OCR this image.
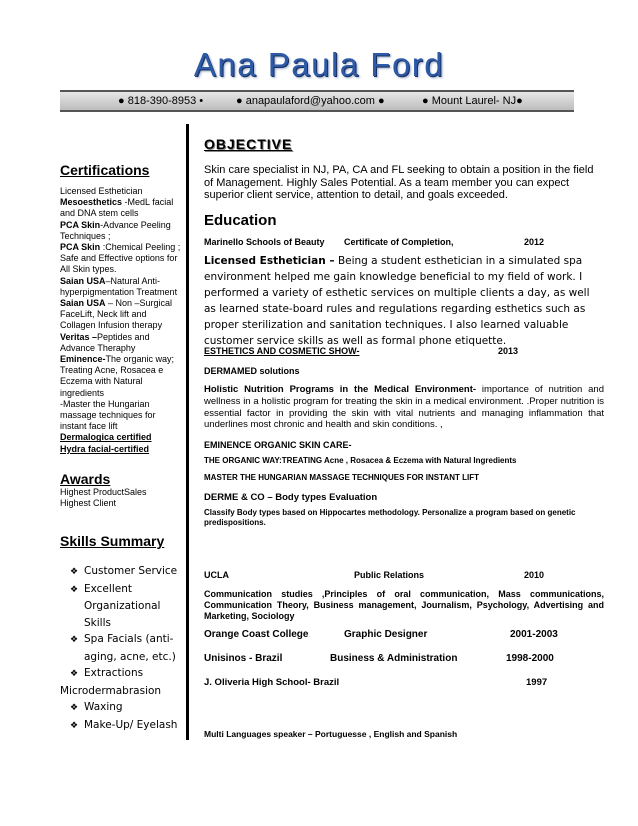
Ana Paula Ford
● 818-390-8953 •	● anapaulaford@yahoo.com ●	● Mount Laurel- NJ●
Certifications
Licensed Esthetician
Mesoesthetics -MedL facial and DNA stem cells
PCA Skin-Advance Peeling Techniques ;
PCA Skin :Chemical Peeling ; Safe and Effective options for All Skin types.
Saian USA–Natural Anti-hyperpigmentation Treatment
Saian USA – Non –Surgical FaceLift, Neck lift and Collagen Infusion therapy
Veritas –Peptides and Advance Theraphy
Eminence-The organic way; Treating Acne, Rosacea e Eczema with Natural ingredients
-Master the Hungarian massage techniques for instant face lift
Dermalogica certified
Hydra facial-certified
Awards
Highest ProductSales
Highest Client
Skills Summary
❖ Customer Service
❖ Excellent Organizational Skills
❖ Spa Facials (anti-aging, acne, etc.)
❖ Extractions
Microdermabrasion
❖ Waxing
❖ Make-Up/ Eyelash
OBJECTIVE
Skin care specialist in NJ, PA, CA and FL seeking to obtain a position in the field of Management. Highly Sales Potential. As a team member you can expect superior client service, attention to detail, and goals exceeded.
Education
Marinello Schools of Beauty Certificate of Completion,	2012
Licensed Esthetician – Being a student esthetician in a simulated spa environment helped me gain knowledge beneficial to my field of work. I performed a variety of esthetic services on multiple clients a day, as well as learned state-board rules and regulations regarding esthetics such as proper sterilization and sanitation techniques. I also learned valuable customer service skills as well as formal phone etiquette.
ESTHETICS AND COSMETIC SHOW-	2013
DERMAMED solutions
Holistic Nutrition Programs in the Medical Environment- importance of nutrition and wellness in a holistic program for treating the skin in a medical environment. .Proper nutrition is essential factor in providing the skin with vital nutrients and managing inflammation that underlines most chronic and health and skin conditions. ,
EMINENCE ORGANIC SKIN CARE-
THE ORGANIC WAY:TREATING Acne , Rosacea & Eczema with Natural Ingredients
MASTER THE HUNGARIAN MASSAGE TECHNIQUES FOR INSTANT LIFT
DERME & CO – Body types Evaluation
Classify Body types based on Hippocartes methodology. Personalize a program based on genetic predispositions.
UCLA	Public Relations	2010
Communication studies ,Principles of oral communication, Mass communications, Communication Theory, Business management, Journalism, Psychology, Advertising and Marketing, Sociology
Orange Coast College	Graphic Designer	2001-2003
Unisinos - Brazil	Business & Administration	1998-2000
J. Oliveria High School- Brazil	1997
Multi Languages speaker – Portuguesse , English and Spanish
